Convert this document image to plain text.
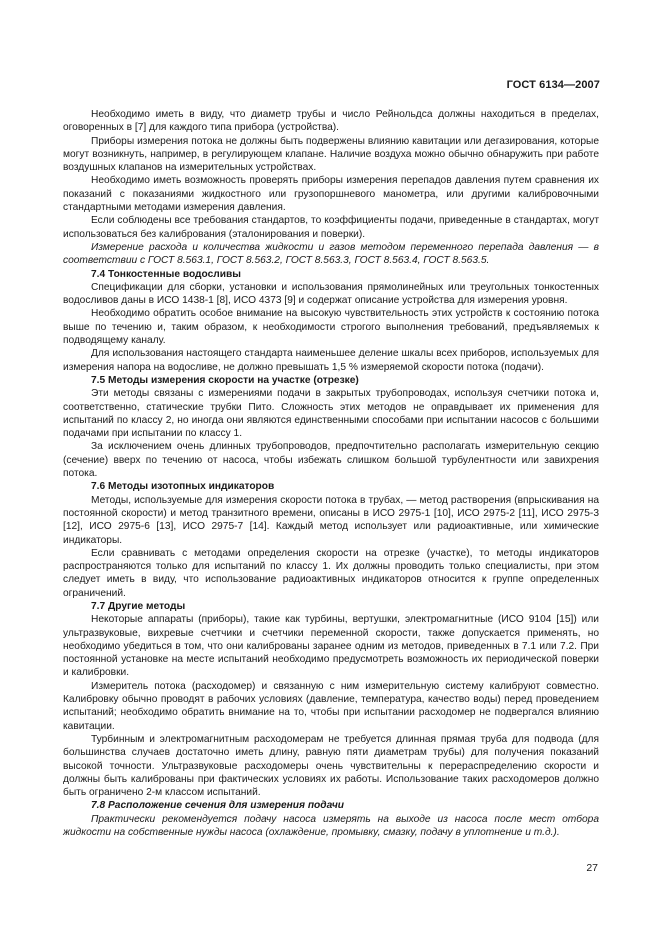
ГОСТ 6134—2007

Необходимо иметь в виду, что диаметр трубы и число Рейнольдса должны находиться в пределах, оговоренных в [7] для каждого типа прибора (устройства).

Приборы измерения потока не должны быть подвержены влиянию кавитации или дегазирования, которые могут возникнуть, например, в регулирующем клапане. Наличие воздуха можно обычно обнаружить при работе воздушных клапанов на измерительных устройствах.

Необходимо иметь возможность проверять приборы измерения перепадов давления путем сравнения их показаний с показаниями жидкостного или грузопоршневого манометра, или другими калибровочными стандартными методами измерения давления.

Если соблюдены все требования стандартов, то коэффициенты подачи, приведенные в стандартах, могут использоваться без калибрования (эталонирования и поверки).

Измерение расхода и количества жидкости и газов методом переменного перепада давления — в соответствии с ГОСТ 8.563.1, ГОСТ 8.563.2, ГОСТ 8.563.3, ГОСТ 8.563.4, ГОСТ 8.563.5.

7.4 Тонкостенные водосливы

Спецификации для сборки, установки и использования прямолинейных или треугольных тонкостенных водосливов даны в ИСО 1438-1 [8], ИСО 4373 [9] и содержат описание устройства для измерения уровня.

Необходимо обратить особое внимание на высокую чувствительность этих устройств к состоянию потока выше по течению и, таким образом, к необходимости строгого выполнения требований, предъявляемых к подводящему каналу.

Для использования настоящего стандарта наименьшее деление шкалы всех приборов, используемых для измерения напора на водосливе, не должно превышать 1,5 % измеряемой скорости потока (подачи).

7.5 Методы измерения скорости на участке (отрезке)

Эти методы связаны с измерениями подачи в закрытых трубопроводах, используя счетчики потока и, соответственно, статические трубки Пито. Сложность этих методов не оправдывает их применения для испытаний по классу 2, но иногда они являются единственными способами при испытании насосов с большими подачами при испытании по классу 1.

За исключением очень длинных трубопроводов, предпочтительно располагать измерительную секцию (сечение) вверх по течению от насоса, чтобы избежать слишком большой турбулентности или завихрения потока.

7.6 Методы изотопных индикаторов

Методы, используемые для измерения скорости потока в трубах, — метод растворения (впрыскивания на постоянной скорости) и метод транзитного времени, описаны в ИСО 2975-1 [10], ИСО 2975-2 [11], ИСО 2975-3 [12], ИСО 2975-6 [13], ИСО 2975-7 [14]. Каждый метод использует или радиоактивные, или химические индикаторы.

Если сравнивать с методами определения скорости на отрезке (участке), то методы индикаторов распространяются только для испытаний по классу 1. Их должны проводить только специалисты, при этом следует иметь в виду, что использование радиоактивных индикаторов относится к группе определенных ограничений.

7.7 Другие методы

Некоторые аппараты (приборы), такие как турбины, вертушки, электромагнитные (ИСО 9104 [15]) или ультразвуковые, вихревые счетчики и счетчики переменной скорости, также допускается применять, но необходимо убедиться в том, что они калиброваны заранее одним из методов, приведенных в 7.1 или 7.2. При постоянной установке на месте испытаний необходимо предусмотреть возможность их периодической поверки и калибровки.

Измеритель потока (расходомер) и связанную с ним измерительную систему калибруют совместно. Калибровку обычно проводят в рабочих условиях (давление, температура, качество воды) перед проведением испытаний; необходимо обратить внимание на то, чтобы при испытании расходомер не подвергался влиянию кавитации.

Турбинным и электромагнитным расходомерам не требуется длинная прямая труба для подвода (для большинства случаев достаточно иметь длину, равную пяти диаметрам трубы) для получения показаний высокой точности. Ультразвуковые расходомеры очень чувствительны к перераспределению скорости и должны быть калиброваны при фактических условиях их работы. Использование таких расходомеров должно быть ограничено 2-м классом испытаний.

7.8 Расположение сечения для измерения подачи

Практически рекомендуется подачу насоса измерять на выходе из насоса после мест отбора жидкости на собственные нужды насоса (охлаждение, промывку, смазку, подачу в уплотнение и т.д.).

27
